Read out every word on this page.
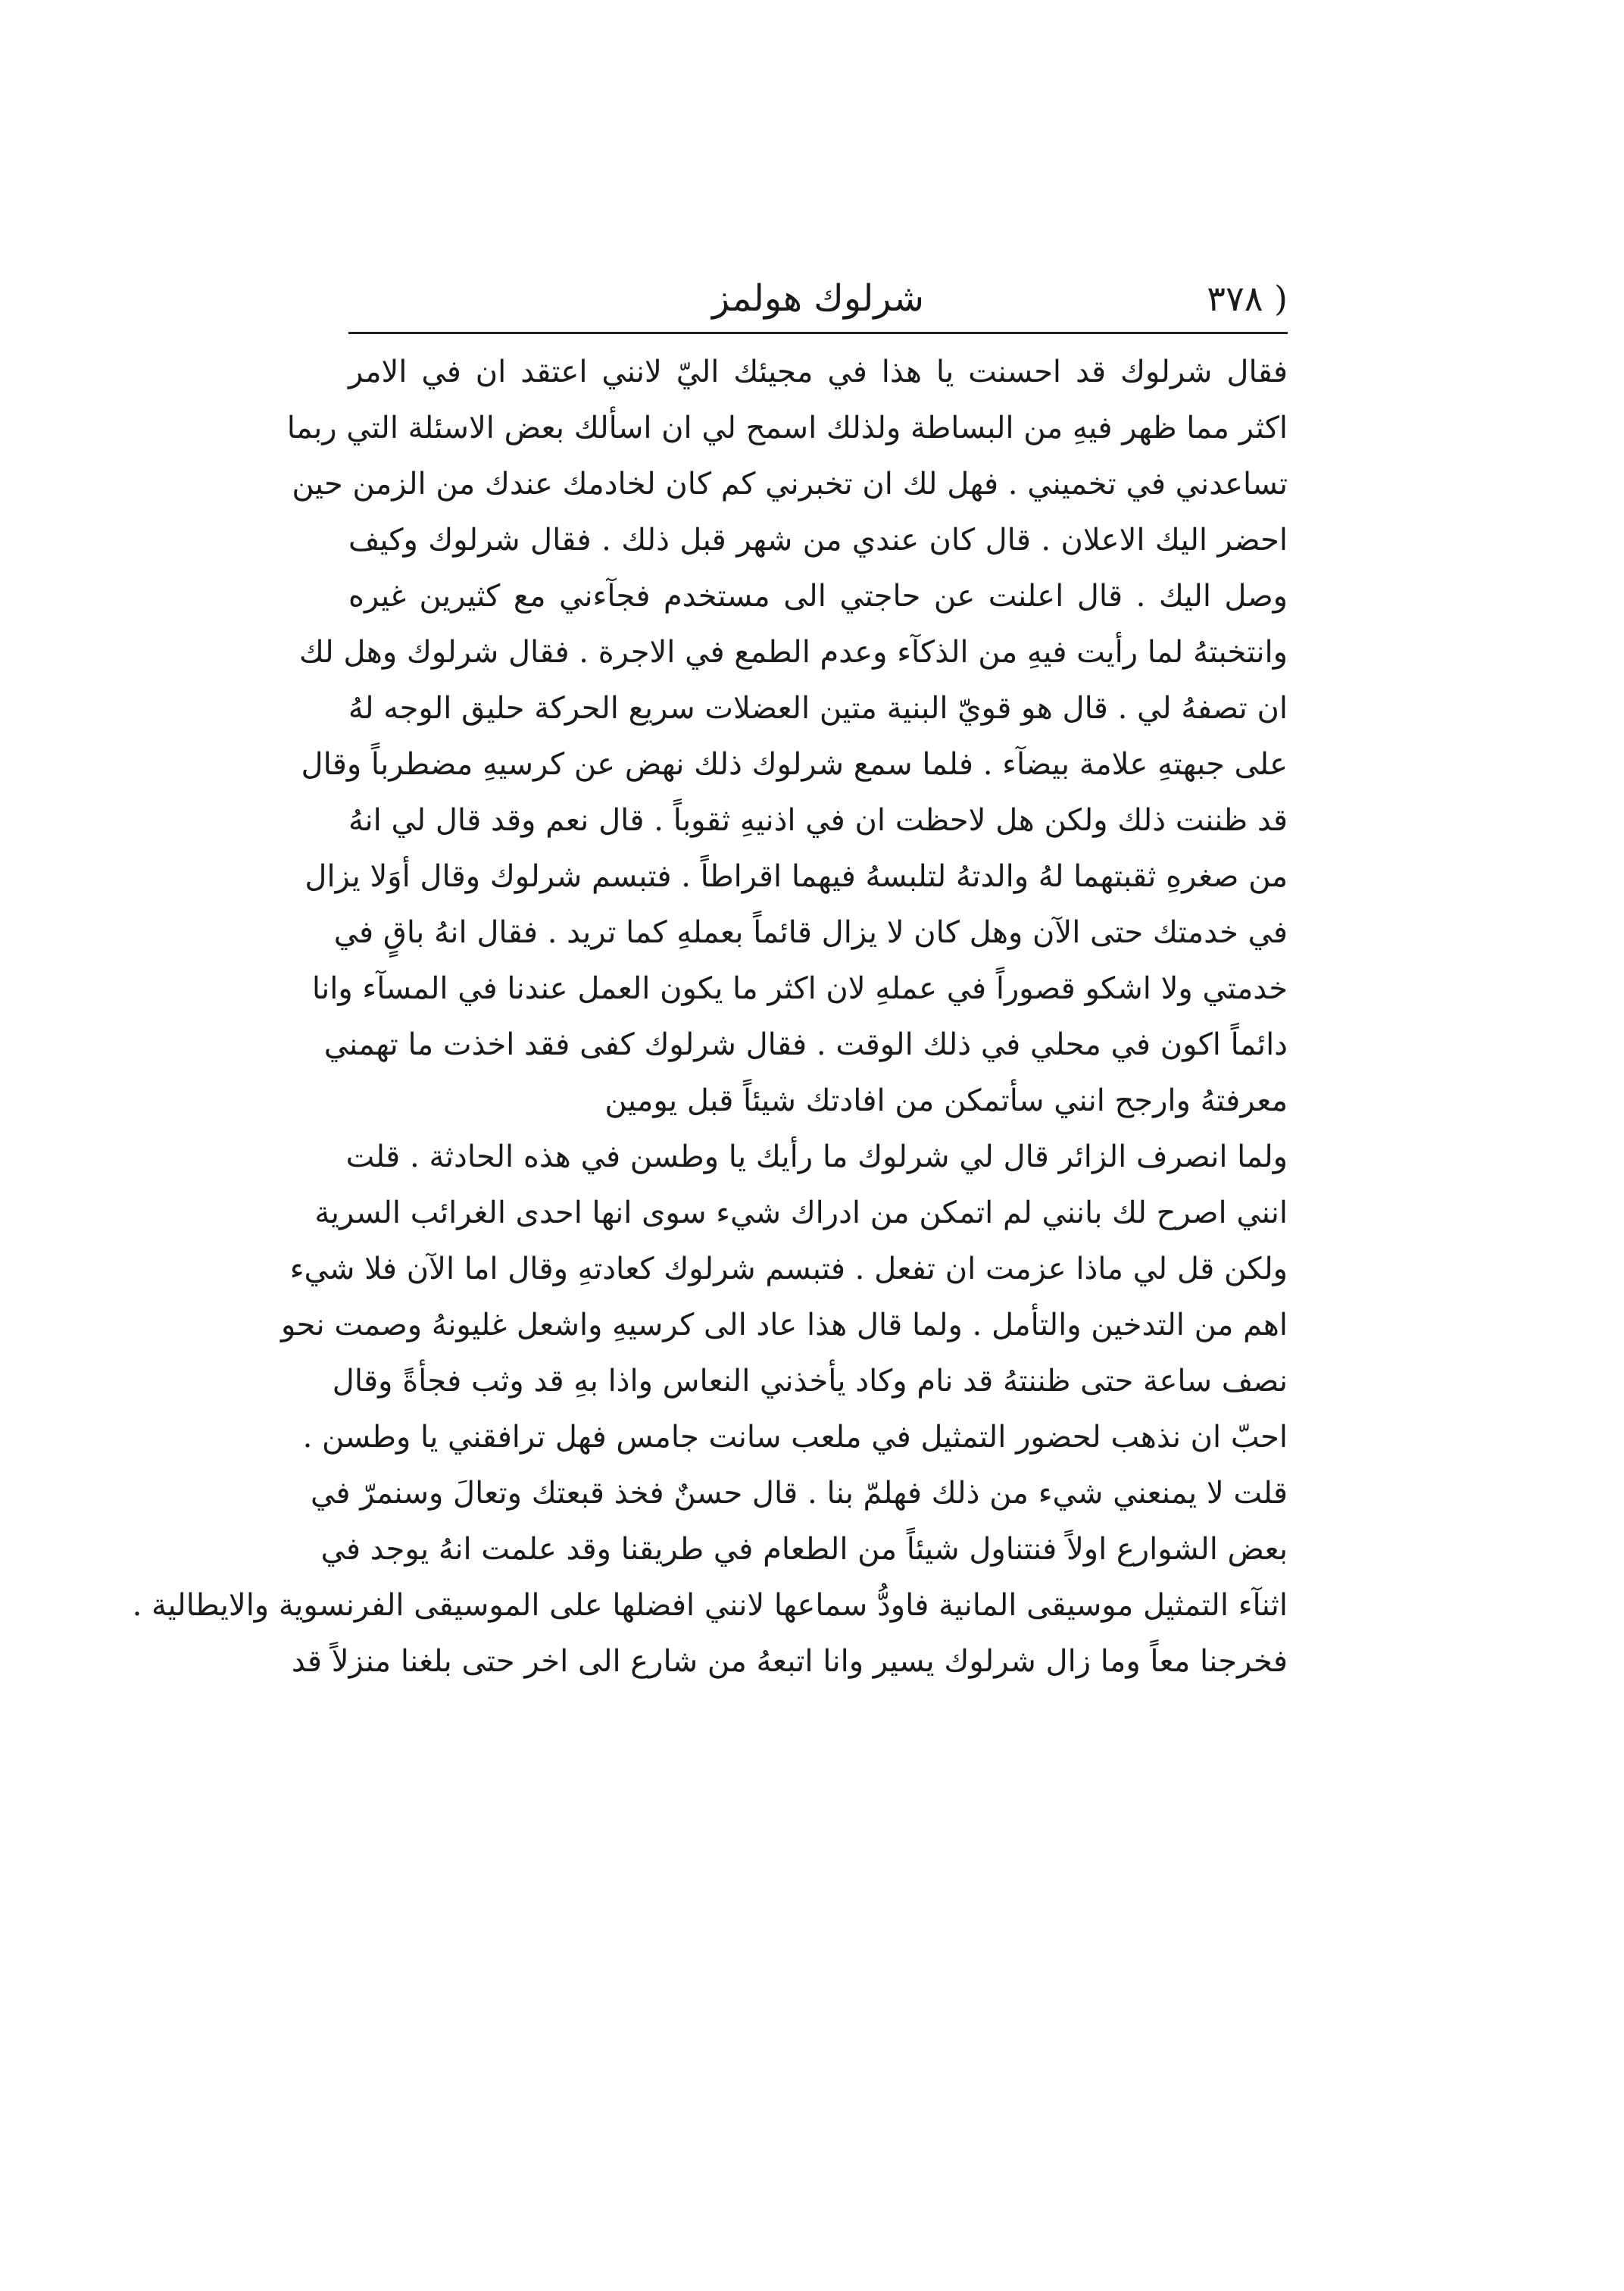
( ٣٧٨
شرلوك هولمز
فقال شرلوك قد احسنت يا هذا في مجيئك اليّ لانني اعتقد ان في الامر
اكثر مما ظهر فيهِ من البساطة ولذلك اسمح لي ان اسألك بعض الاسئلة التي ربما
تساعدني في تخميني . فهل لك ان تخبرني كم كان لخادمك عندك من الزمن حين
احضر اليك الاعلان . قال كان عندي من شهر قبل ذلك . فقال شرلوك وكيف
وصل اليك . قال اعلنت عن حاجتي الى مستخدم فجآءني مع كثيرين غيره
وانتخبتهُ لما رأيت فيهِ من الذكآء وعدم الطمع في الاجرة . فقال شرلوك وهل لك
ان تصفهُ لي . قال هو قويّ البنية متين العضلات سريع الحركة حليق الوجه لهُ
على جبهتهِ علامة بيضآء . فلما سمع شرلوك ذلك نهض عن كرسيهِ مضطرباً وقال
قد ظننت ذلك ولكن هل لاحظت ان في اذنيهِ ثقوباً . قال نعم وقد قال لي انهُ
من صغرهِ ثقبتهما لهُ والدتهُ لتلبسهُ فيهما اقراطاً . فتبسم شرلوك وقال أوَلا يزال
في خدمتك حتى الآن وهل كان لا يزال قائماً بعملهِ كما تريد . فقال انهُ باقٍ في
خدمتي ولا اشكو قصوراً في عملهِ لان اكثر ما يكون العمل عندنا في المسآء وانا
دائماً اكون في محلي في ذلك الوقت . فقال شرلوك كفى فقد اخذت ما تهمني
معرفتهُ وارجح انني سأتمكن من افادتك شيئاً قبل يومين
ولما انصرف الزائر قال لي شرلوك ما رأيك يا وطسن في هذه الحادثة . قلت
انني اصرح لك بانني لم اتمكن من ادراك شيء سوى انها احدى الغرائب السرية
ولكن قل لي ماذا عزمت ان تفعل . فتبسم شرلوك كعادتهِ وقال اما الآن فلا شيء
اهم من التدخين والتأمل . ولما قال هذا عاد الى كرسيهِ واشعل غليونهُ وصمت نحو
نصف ساعة حتى ظننتهُ قد نام وكاد يأخذني النعاس واذا بهِ قد وثب فجأةً وقال
احبّ ان نذهب لحضور التمثيل في ملعب سانت جامس فهل ترافقني يا وطسن .
قلت لا يمنعني شيء من ذلك فهلمّ بنا . قال حسنٌ فخذ قبعتك وتعالَ وسنمرّ في
بعض الشوارع اولاً فنتناول شيئاً من الطعام في طريقنا وقد علمت انهُ يوجد في
اثنآء التمثيل موسيقى المانية فاودُّ سماعها لانني افضلها على الموسيقى الفرنسوية والايطالية .
فخرجنا معاً وما زال شرلوك يسير وانا اتبعهُ من شارع الى اخر حتى بلغنا منزلاً قد
